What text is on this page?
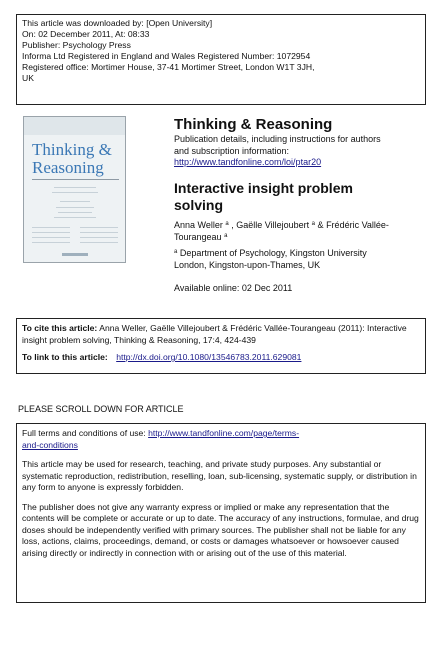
This article was downloaded by: [Open University]
On: 02 December 2011, At: 08:33
Publisher: Psychology Press
Informa Ltd Registered in England and Wales Registered Number: 1072954
Registered office: Mortimer House, 37-41 Mortimer Street, London W1T 3JH,
UK
Thinking &
Reasoning
Thinking & Reasoning
Publication details, including instructions for authors
and subscription information:
http://www.tandfonline.com/loi/ptar20
Interactive insight problem
solving
Anna Weller $^a$ , Gaëlle Villejoubert $^a$ & Frédéric Vallée-
Tourangeau $^a$
$^a$ Department of Psychology, Kingston University
London, Kingston-upon-Thames, UK
Available online: 02 Dec 2011
To cite this article: Anna Weller, Gaëlle Villejoubert & Frédéric Vallée-Tourangeau (2011): Interactive insight problem solving, Thinking & Reasoning, 17:4, 424-439
To link to this article: http://dx.doi.org/10.1080/13546783.2011.629081
PLEASE SCROLL DOWN FOR ARTICLE

Full terms and conditions of use: http://www.tandfonline.com/page/terms-
and-conditions

This article may be used for research, teaching, and private study purposes. Any substantial or systematic reproduction, redistribution, reselling, loan, sub-licensing, systematic supply, or distribution in any form to anyone is expressly forbidden.

The publisher does not give any warranty express or implied or make any representation that the contents will be complete or accurate or up to date. The accuracy of any instructions, formulae, and drug doses should be independently verified with primary sources. The publisher shall not be liable for any loss, actions, claims, proceedings, demand, or costs or damages whatsoever or howsoever caused arising directly or indirectly in connection with or arising out of the use of this material.
